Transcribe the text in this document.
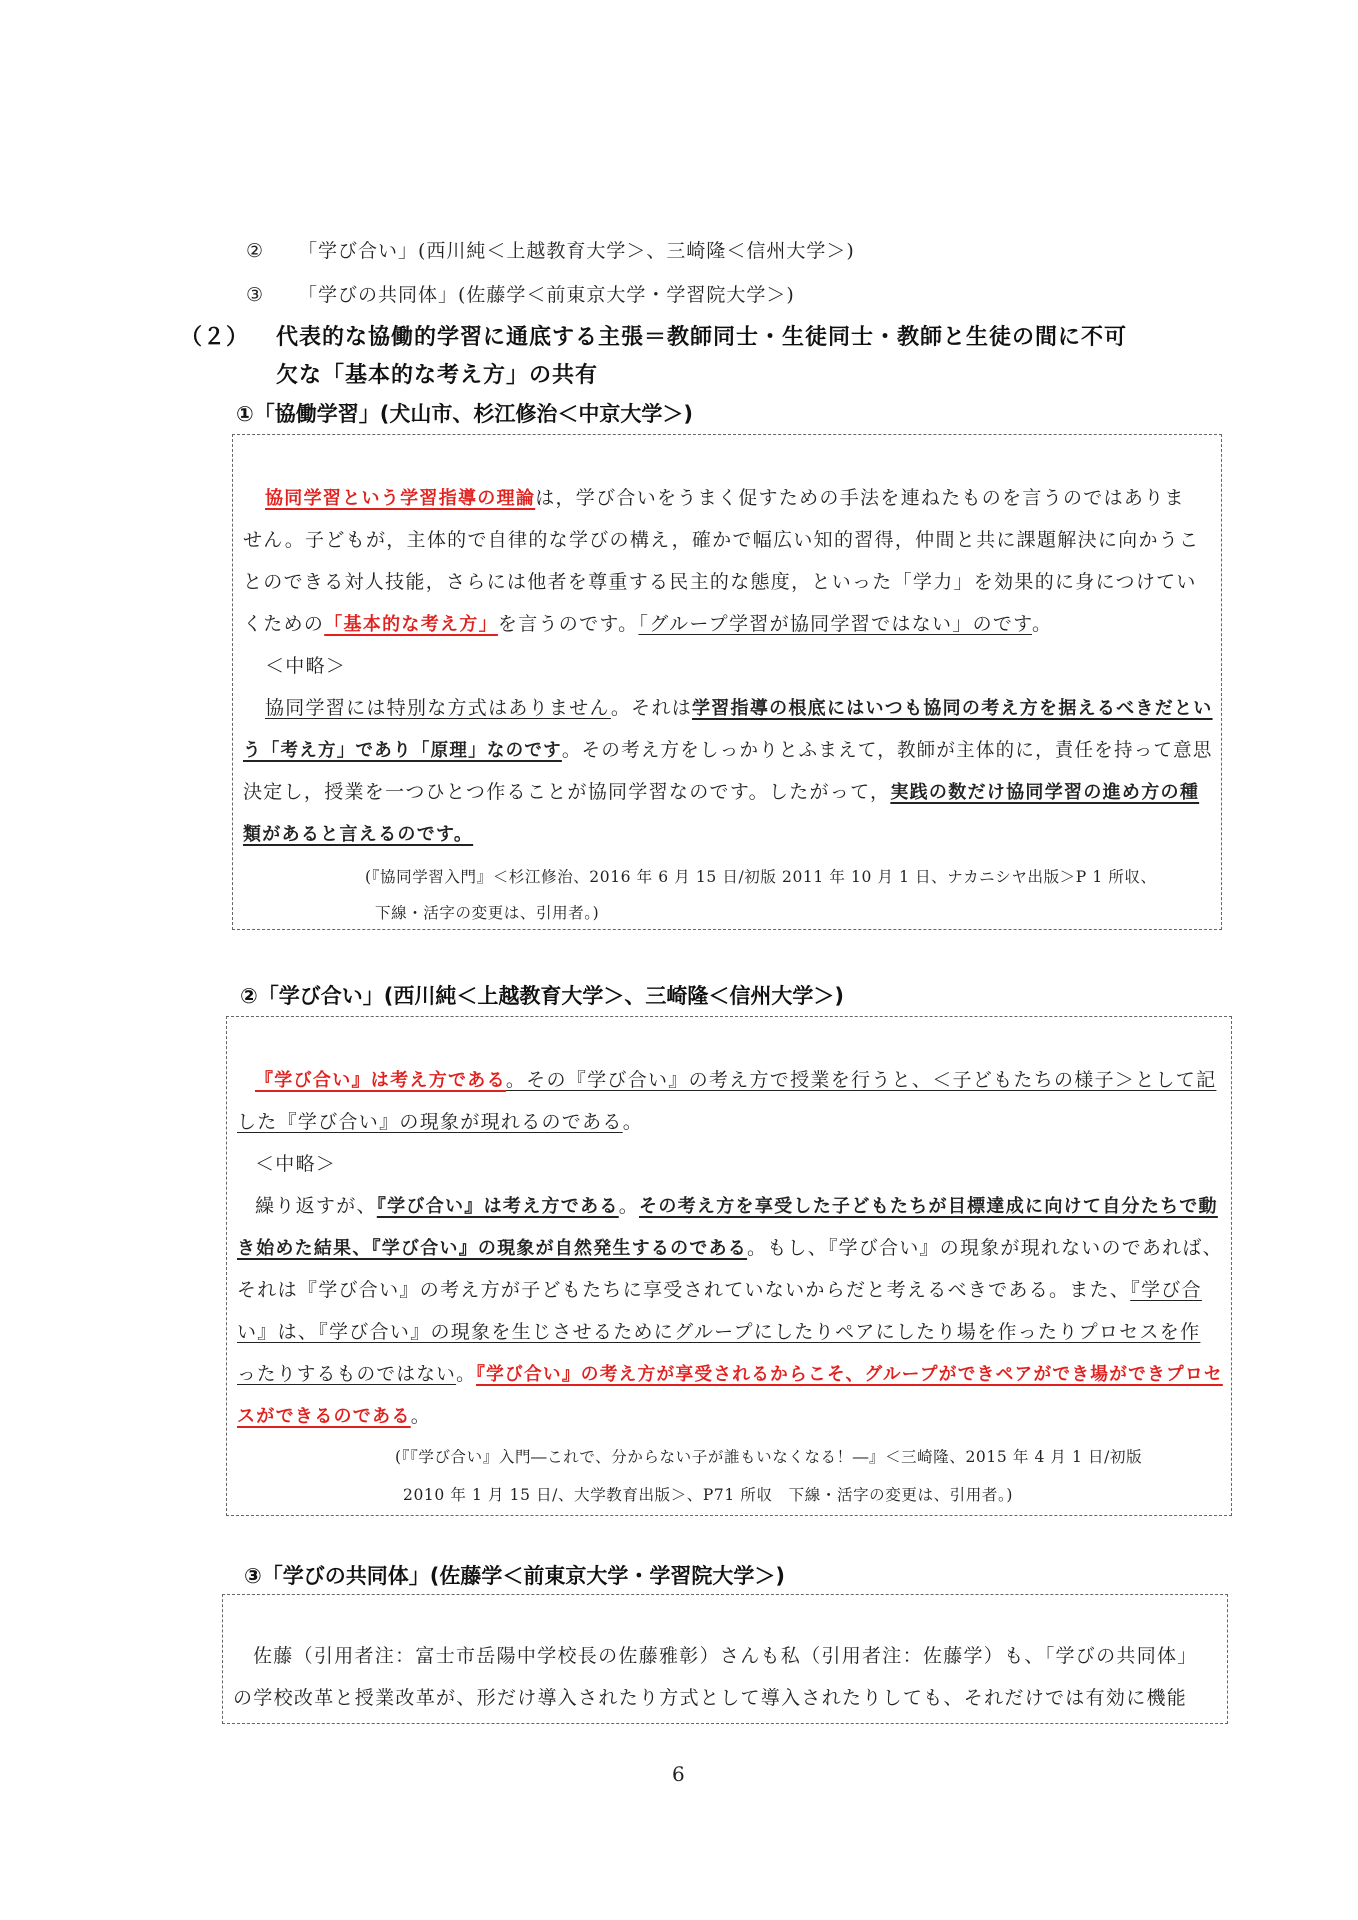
② 「学び合い」(西川純＜上越教育大学＞、三崎隆＜信州大学＞)
③ 「学びの共同体」(佐藤学＜前東京大学・学習院大学＞)
（２） 代表的な協働的学習に通底する主張＝教師同士・生徒同士・教師と生徒の間に不可
欠な「基本的な考え方」の共有
①「協働学習」(犬山市、杉江修治＜中京大学＞)
協同学習という学習指導の理論は，学び合いをうまく促すための手法を連ねたものを言うのではありま
せん。子どもが，主体的で自律的な学びの構え，確かで幅広い知的習得，仲間と共に課題解決に向かうこ
とのできる対人技能，さらには他者を尊重する民主的な態度，といった「学力」を効果的に身につけてい
くための「基本的な考え方」を言うのです。「グループ学習が協同学習ではない」のです。
＜中略＞
協同学習には特別な方式はありません。それは学習指導の根底にはいつも協同の考え方を据えるべきだとい
う「考え方」であり「原理」なのです。その考え方をしっかりとふまえて，教師が主体的に，責任を持って意思
決定し，授業を一つひとつ作ることが協同学習なのです。したがって，実践の数だけ協同学習の進め方の種
類があると言えるのです。
(『協同学習入門』＜杉江修治、2016 年 6 月 15 日/初版 2011 年 10 月 1 日、ナカニシヤ出版＞P 1 所収、
下線・活字の変更は、引用者。)
②「学び合い」(西川純＜上越教育大学＞、三崎隆＜信州大学＞)
『学び合い』は考え方である。その『学び合い』の考え方で授業を行うと、＜子どもたちの様子＞として記
した『学び合い』の現象が現れるのである。
＜中略＞
繰り返すが、『学び合い』は考え方である。その考え方を享受した子どもたちが目標達成に向けて自分たちで動
き始めた結果、『学び合い』の現象が自然発生するのである。もし、『学び合い』の現象が現れないのであれば、
それは『学び合い』の考え方が子どもたちに享受されていないからだと考えるべきである。また、『学び合
い』は、『学び合い』の現象を生じさせるためにグループにしたりペアにしたり場を作ったりプロセスを作
ったりするものではない。『学び合い』の考え方が享受されるからこそ、グループができペアができ場ができプロセ
スができるのである。
(『『学び合い』入門―これで、分からない子が誰もいなくなる！―』＜三崎隆、2015 年 4 月 1 日/初版
2010 年 1 月 15 日/、大学教育出版＞、P71 所収　下線・活字の変更は、引用者。)
③「学びの共同体」(佐藤学＜前東京大学・学習院大学＞)
佐藤（引用者注：富士市岳陽中学校長の佐藤雅彰）さんも私（引用者注：佐藤学）も、「学びの共同体」
の学校改革と授業改革が、形だけ導入されたり方式として導入されたりしても、それだけでは有効に機能
6
